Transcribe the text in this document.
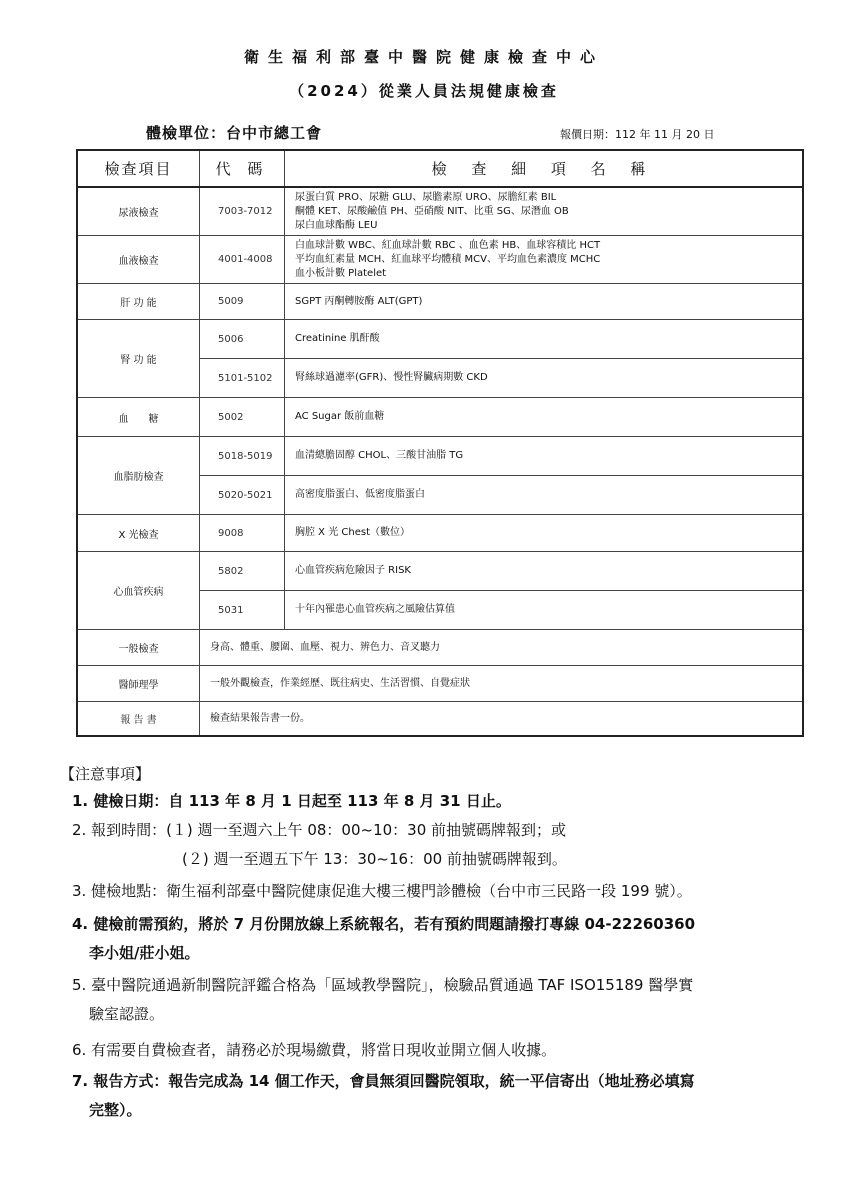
衛生福利部臺中醫院健康檢查中心
（2024）從業人員法規健康檢查
體檢單位：台中市總工會	報價日期：112 年 11 月 20 日
檢查項目	代 碼	檢 查 細 項 名 稱
尿液檢查	7003-7012	尿蛋白質 PRO、尿糖 GLU、尿膽素原 URO、尿膽紅素 BIL
酮體 KET、尿酸鹼值 PH、亞硝酸 NIT、比重 SG、尿潛血 OB
尿白血球酯酶 LEU

血液檢查	4001-4008	白血球計數 WBC、紅血球計數 RBC 、血色素 HB、血球容積比 HCT
平均血紅素量 MCH、紅血球平均體積 MCV、平均血色素濃度 MCHC
血小板計數 Platelet

肝 功 能	5009	SGPT 丙酮轉胺酶 ALT(GPT)
腎 功 能	5006	Creatinine 肌酐酸
	5101-5102	腎絲球過濾率(GFR)、慢性腎臟病期數 CKD
血　　糖	5002	AC Sugar 飯前血糖
血脂肪檢查	5018-5019	血清總膽固醇 CHOL、三酸甘油脂 TG
	5020-5021	高密度脂蛋白、低密度脂蛋白
X 光檢查	9008	胸腔 X 光 Chest（數位）
心血管疾病	5802	心血管疾病危險因子 RISK
	5031	十年內罹患心血管疾病之風險估算值
一般檢查	身高、體重、腰圍、血壓、視力、辨色力、音叉聽力	
醫師理學	一般外觀檢查，作業經歷、既往病史、生活習慣、自覺症狀	
報 告 書	檢查結果報告書一份。	
【注意事項】
1. 健檢日期：自 113 年 8 月 1 日起至 113 年 8 月 31 日止。
2. 報到時間：(１) 週一至週六上午 08：00~10：30 前抽號碼牌報到；或
(２) 週一至週五下午 13：30~16：00 前抽號碼牌報到。
3. 健檢地點：衛生福利部臺中醫院健康促進大樓三樓門診體檢（台中市三民路一段 199 號）。
4. 健檢前需預約，將於 7 月份開放線上系統報名，若有預約問題請撥打專線 04-22260360
李小姐/莊小姐。
5. 臺中醫院通過新制醫院評鑑合格為「區域教學醫院」，檢驗品質通過 TAF ISO15189 醫學實
驗室認證。
6. 有需要自費檢查者，請務必於現場繳費，將當日現收並開立個人收據。
7. 報告方式：報告完成為 14 個工作天，會員無須回醫院領取，統一平信寄出（地址務必填寫
完整）。
